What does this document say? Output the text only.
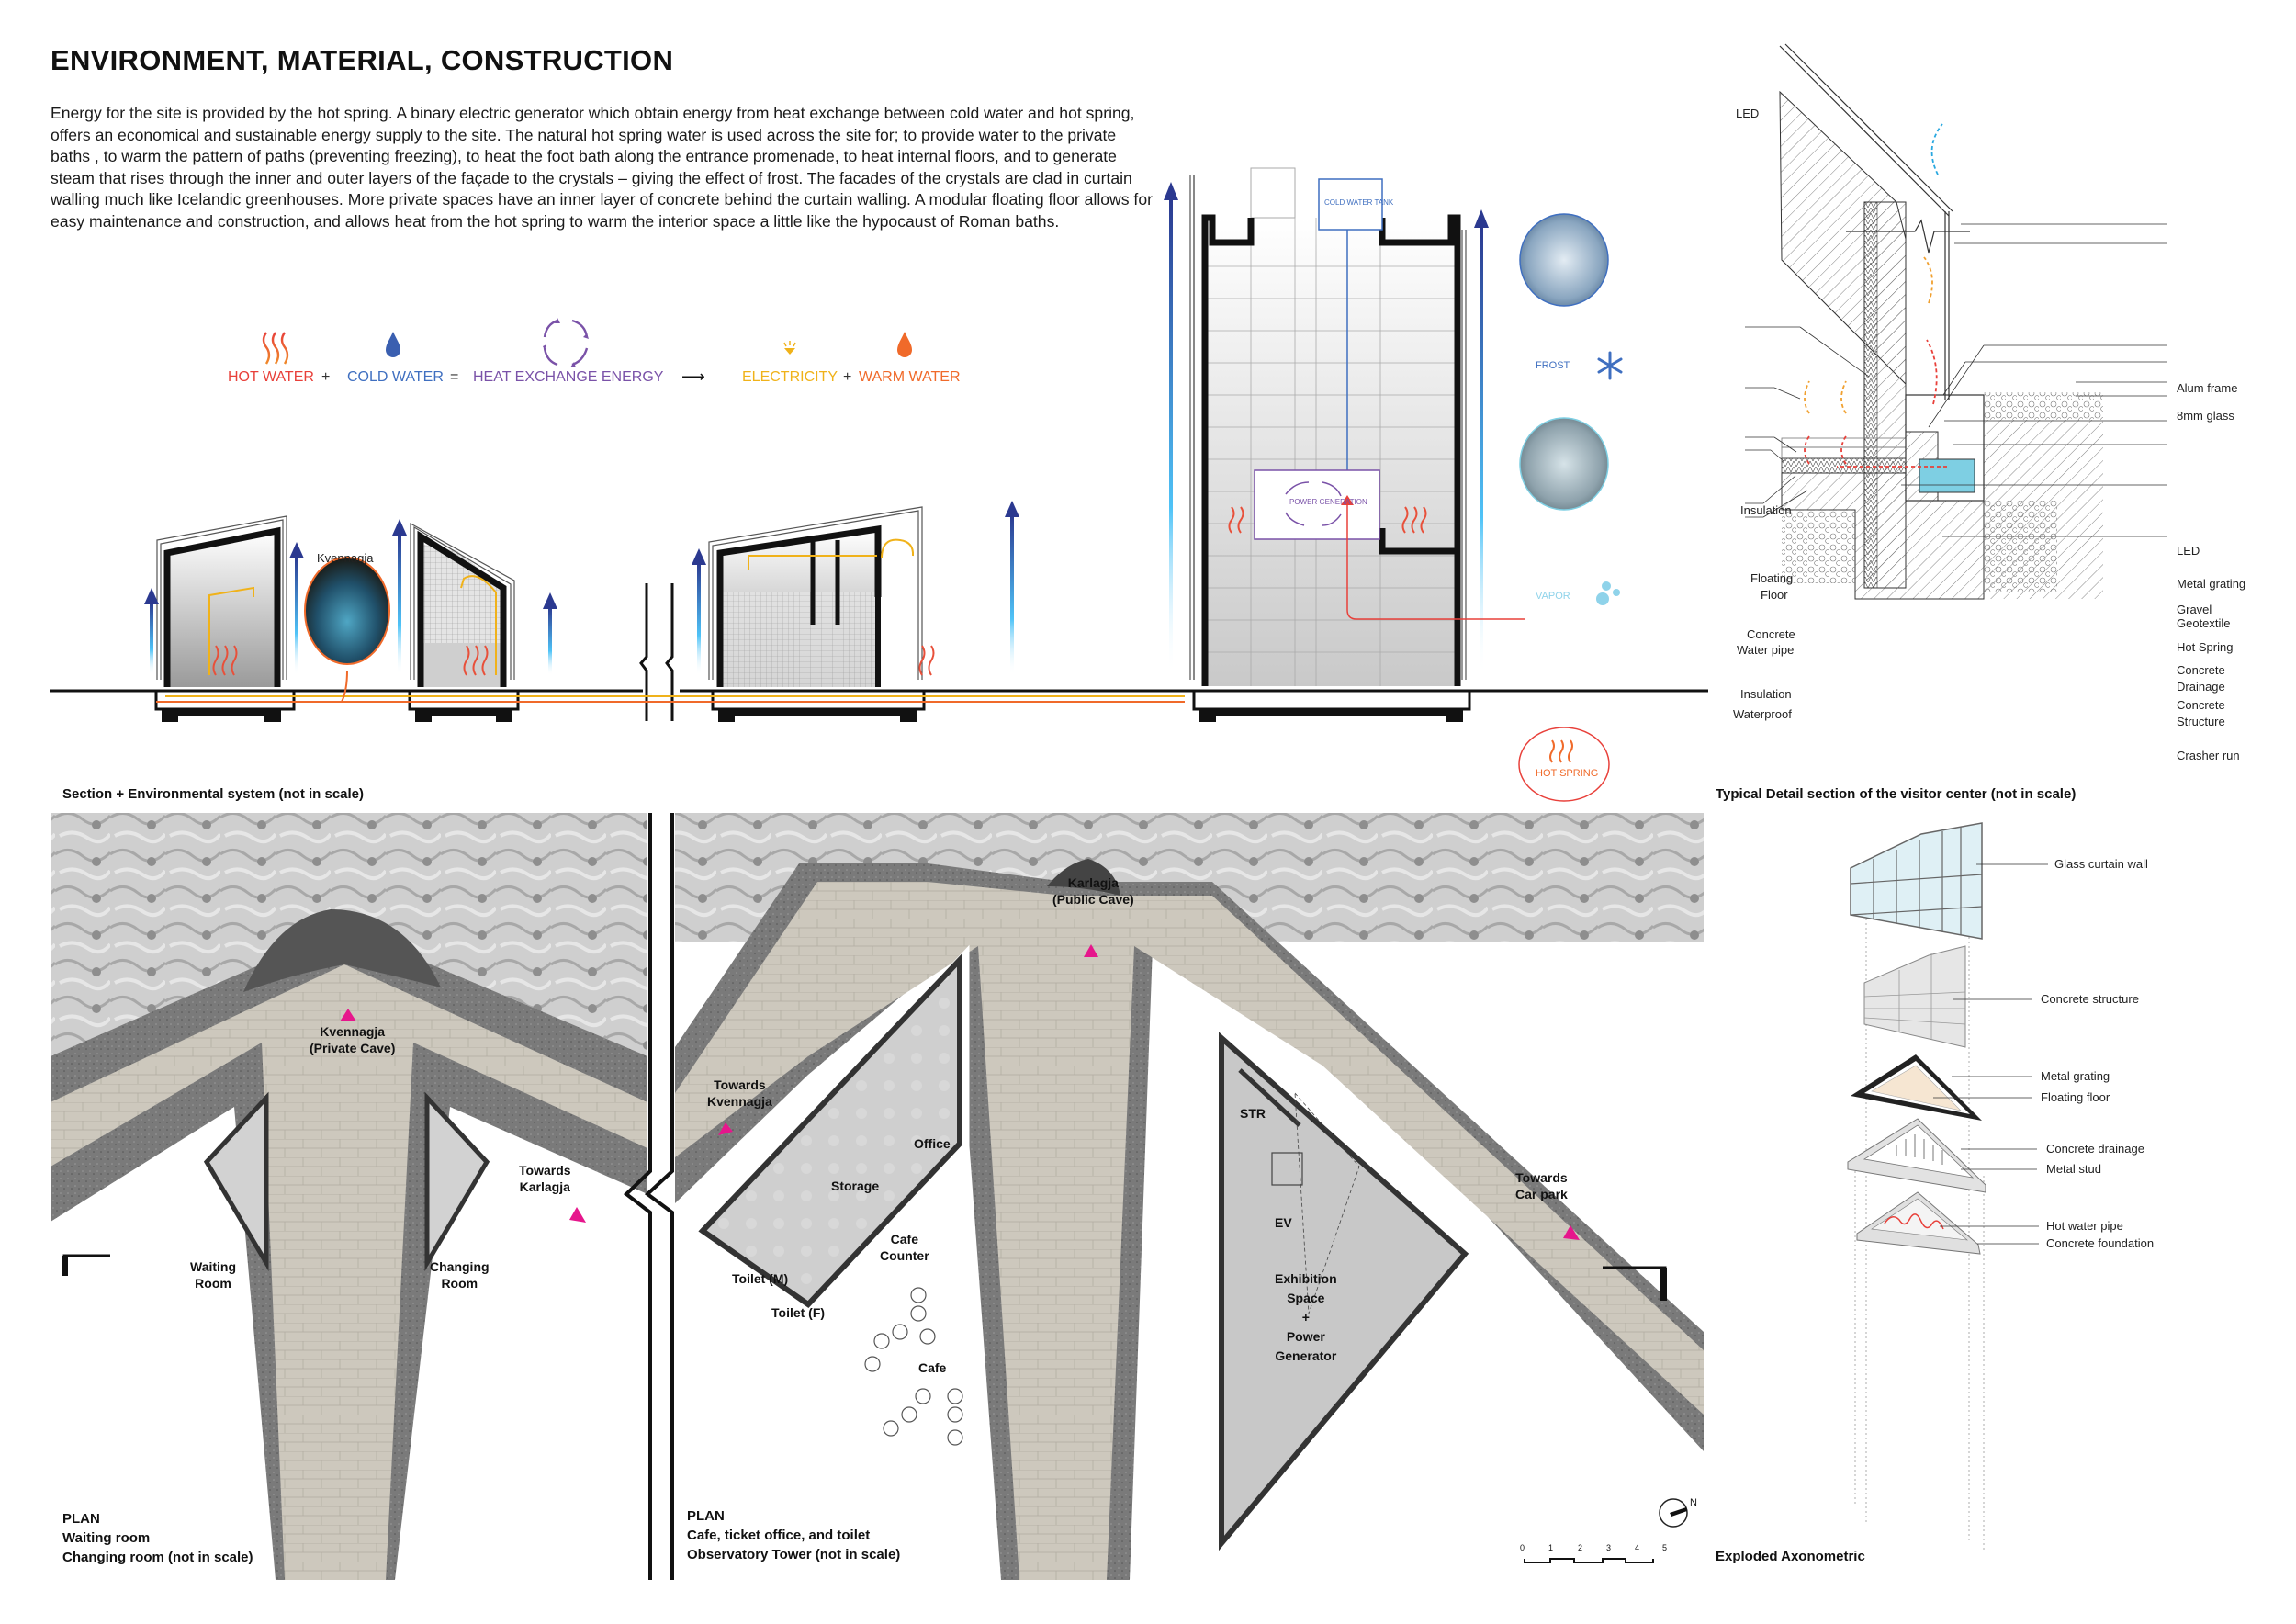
ENVIRONMENT, MATERIAL, CONSTRUCTION

Energy for the site is provided by the hot spring. A binary electric generator which obtain energy from heat exchange between cold water and hot spring, offers an economical and sustainable energy supply to the site. The natural hot spring water is used across the site for; to provide water to the private baths , to warm the pattern of paths (preventing freezing), to heat the foot bath along the entrance promenade, to heat internal floors, and to generate steam that rises through the inner and outer layers of the façade to the crystals – giving the effect of frost. The facades of the crystals are clad in curtain walling much like Icelandic greenhouses. More private spaces have an inner layer of concrete behind the curtain walling. A modular floating floor allows for easy maintenance and construction, and allows heat from the hot spring to warm the interior space a little like the hypocaust of Roman baths.

HOT WATER + COLD WATER = HEAT EXCHANGE ENERGY ⟶	ELECTRICITY + WARM WATER
Kvennagja
COLD WATER TANK
POWER GENERATION
FROST
VAPOR
HOT SPRING
Section + Environmental system (not in scale)
LED
Insulation
Floating
Floor
Concrete
Water pipe
Insulation
Waterproof
Alum frame
8mm glass
LED
Metal grating
Gravel
Geotextile
Hot Spring
Concrete
Drainage
Concrete
Structure
Crasher run
Typical Detail section of the visitor center (not in scale)
Kvennagja
(Private Cave)
Towards
Karlagja
Waiting
Room
Changing
Room
PLAN
Waiting room
Changing room (not in scale)
Karlagja
(Public Cave)
Towards
Kvennagja
Towards
Car park
Office
Storage
Cafe
Counter
Toilet (M)
Toilet (F)
Cafe
STR
EV
Exhibition
Space
+
Power
Generator
PLAN
Cafe, ticket office, and toilet
Observatory Tower (not in scale)
N
0	1	2	3	4	5
Glass curtain wall
Concrete structure
Metal grating
Floating floor
Concrete drainage
Metal stud
Hot water pipe
Concrete foundation
Exploded Axonometric
